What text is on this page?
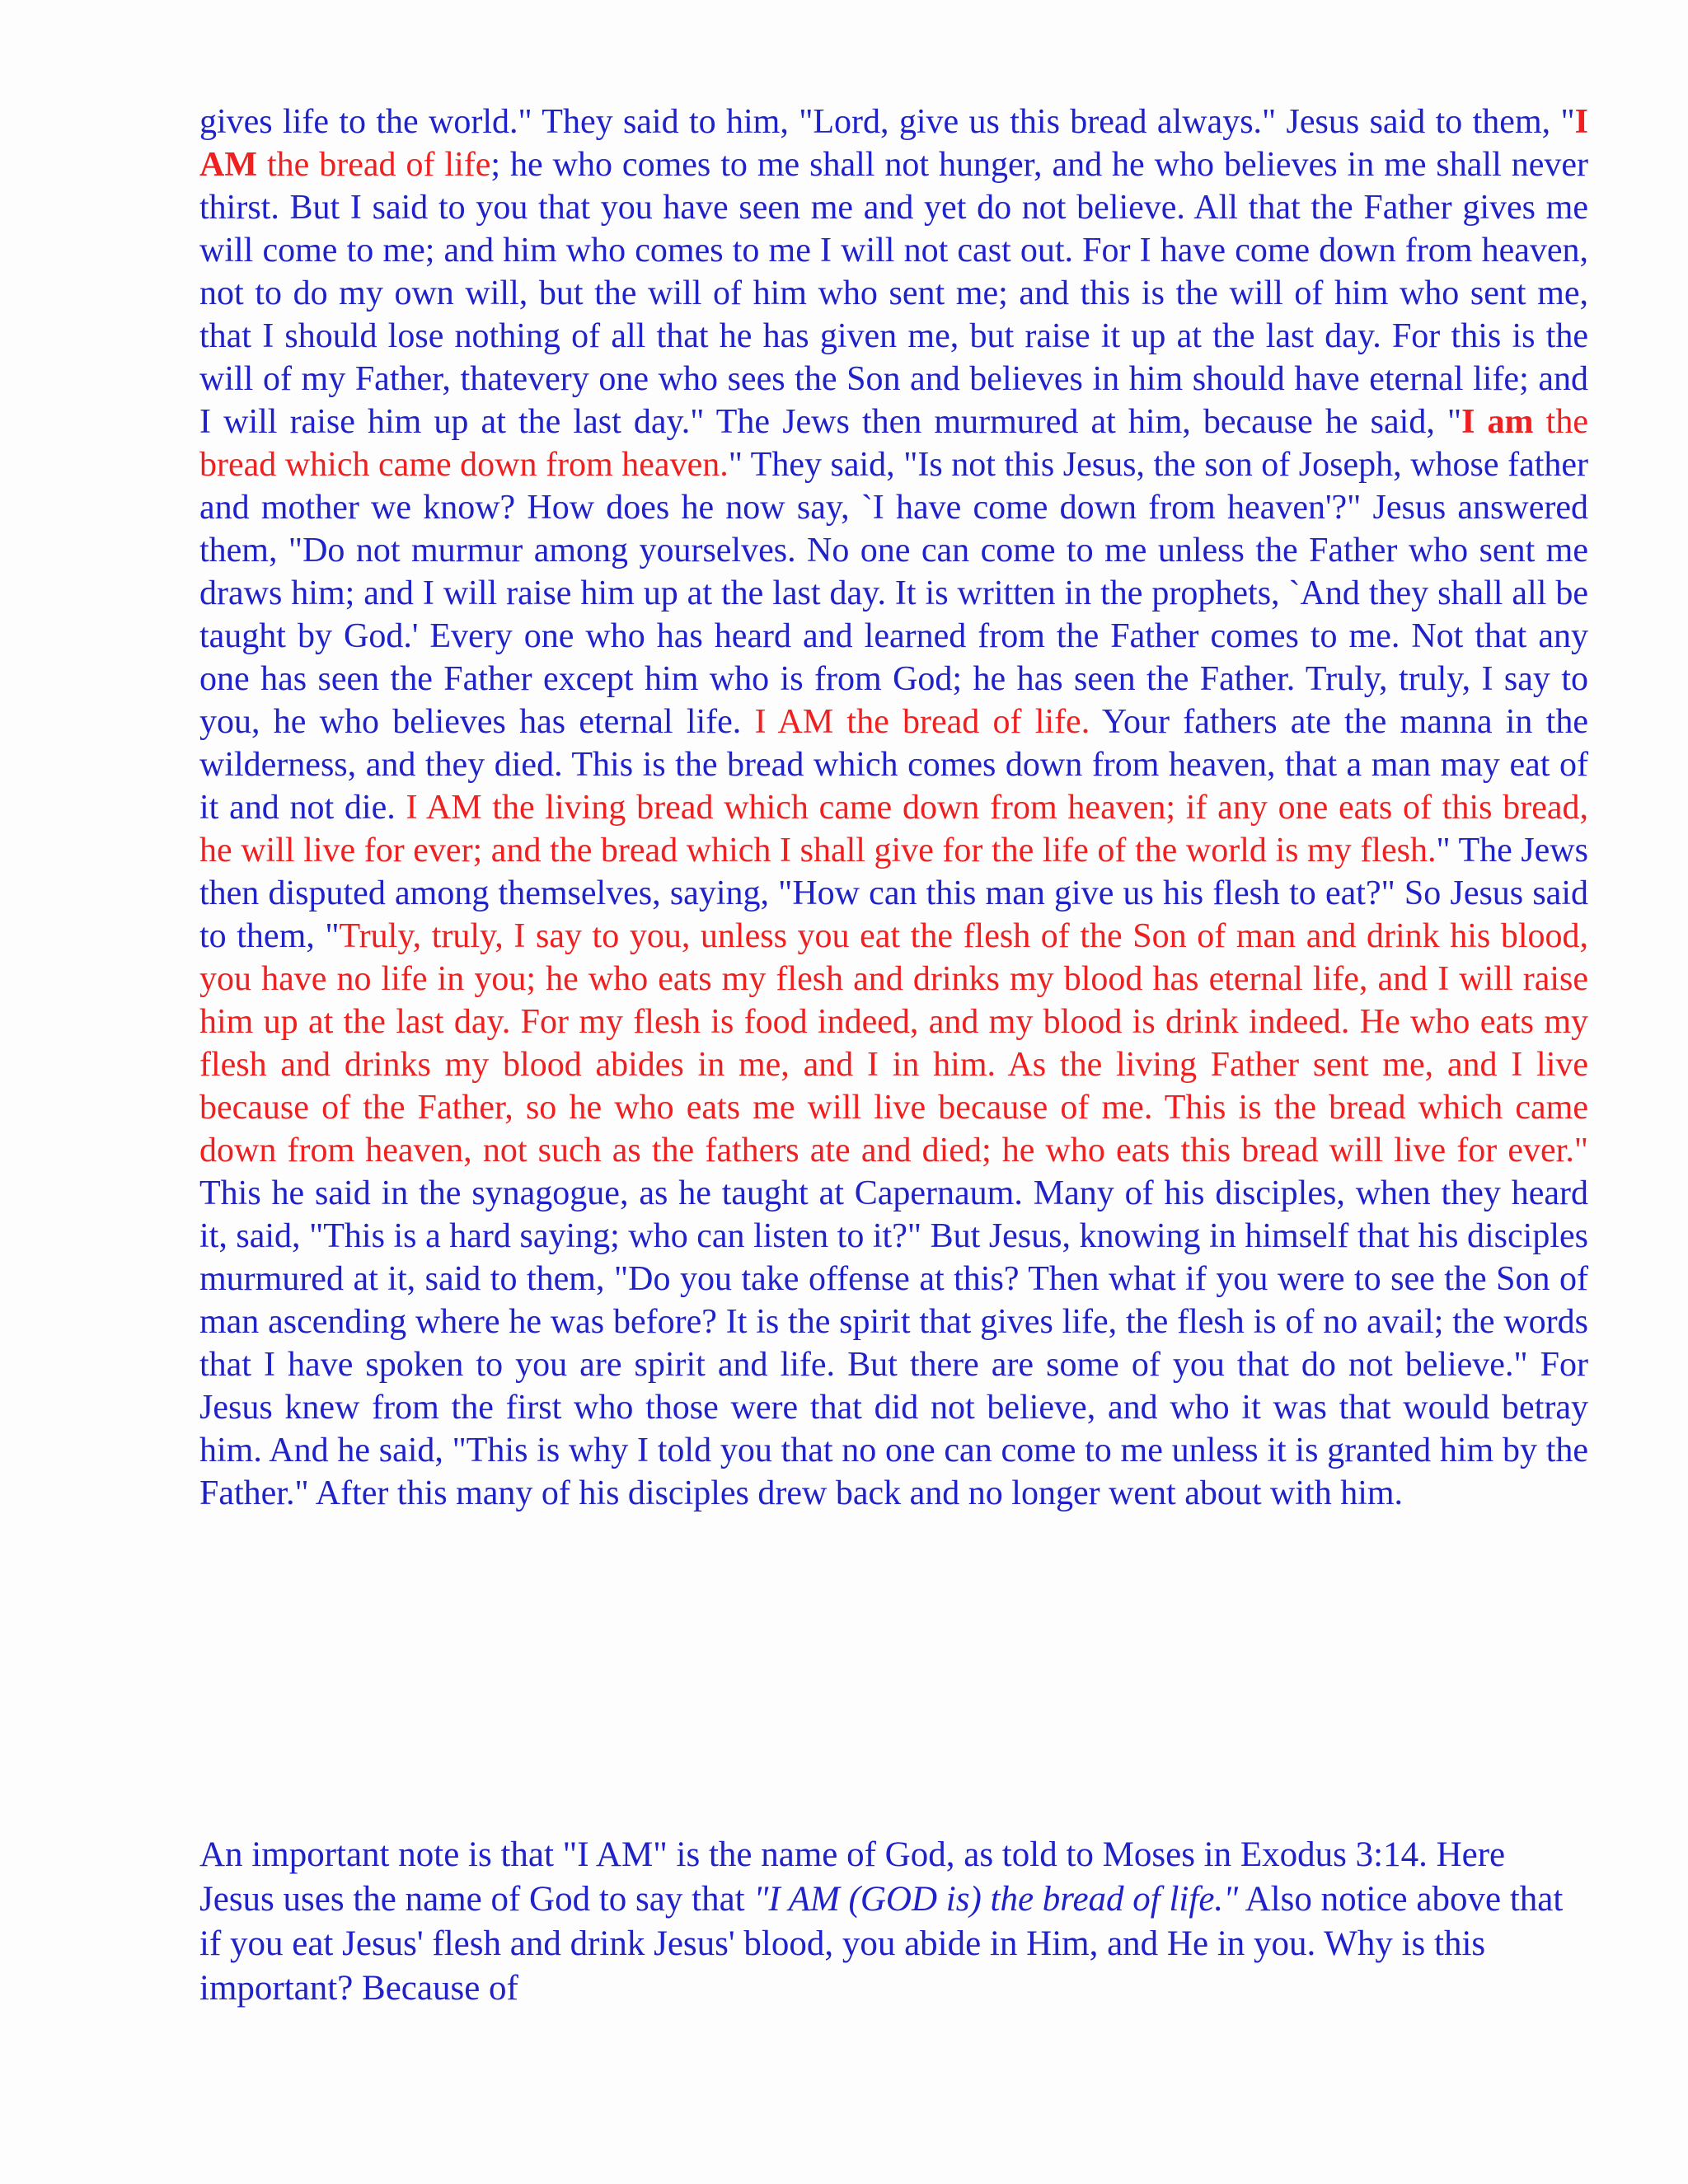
gives life to the world." They said to him, "Lord, give us this bread always." Jesus said to them, "I AM the bread of life; he who comes to me shall not hunger, and he who believes in me shall never thirst. But I said to you that you have seen me and yet do not believe. All that the Father gives me will come to me; and him who comes to me I will not cast out. For I have come down from heaven, not to do my own will, but the will of him who sent me; and this is the will of him who sent me, that I should lose nothing of all that he has given me, but raise it up at the last day. For this is the will of my Father, thatevery one who sees the Son and believes in him should have eternal life; and I will raise him up at the last day." The Jews then murmured at him, because he said, "I am the bread which came down from heaven." They said, "Is not this Jesus, the son of Joseph, whose father and mother we know? How does he now say, `I have come down from heaven'?" Jesus answered them, "Do not murmur among yourselves. No one can come to me unless the Father who sent me draws him; and I will raise him up at the last day. It is written in the prophets, `And they shall all be taught by God.' Every one who has heard and learned from the Father comes to me. Not that any one has seen the Father except him who is from God; he has seen the Father. Truly, truly, I say to you, he who believes has eternal life. I AM the bread of life. Your fathers ate the manna in the wilderness, and they died. This is the bread which comes down from heaven, that a man may eat of it and not die. I AM the living bread which came down from heaven; if any one eats of this bread, he will live for ever; and the bread which I shall give for the life of the world is my flesh." The Jews then disputed among themselves, saying, "How can this man give us his flesh to eat?" So Jesus said to them, "Truly, truly, I say to you, unless you eat the flesh of the Son of man and drink his blood, you have no life in you; he who eats my flesh and drinks my blood has eternal life, and I will raise him up at the last day. For my flesh is food indeed, and my blood is drink indeed. He who eats my flesh and drinks my blood abides in me, and I in him. As the living Father sent me, and I live because of the Father, so he who eats me will live because of me. This is the bread which came down from heaven, not such as the fathers ate and died; he who eats this bread will live for ever." This he said in the synagogue, as he taught at Capernaum. Many of his disciples, when they heard it, said, "This is a hard saying; who can listen to it?" But Jesus, knowing in himself that his disciples murmured at it, said to them, "Do you take offense at this? Then what if you were to see the Son of man ascending where he was before? It is the spirit that gives life, the flesh is of no avail; the words that I have spoken to you are spirit and life. But there are some of you that do not believe." For Jesus knew from the first who those were that did not believe, and who it was that would betray him. And he said, "This is why I told you that no one can come to me unless it is granted him by the Father." After this many of his disciples drew back and no longer went about with him.
An important note is that "I AM" is the name of God, as told to Moses in Exodus 3:14. Here Jesus uses the name of God to say that "I AM (GOD is) the bread of life." Also notice above that if you eat Jesus' flesh and drink Jesus' blood, you abide in Him, and He in you. Why is this important? Because of
